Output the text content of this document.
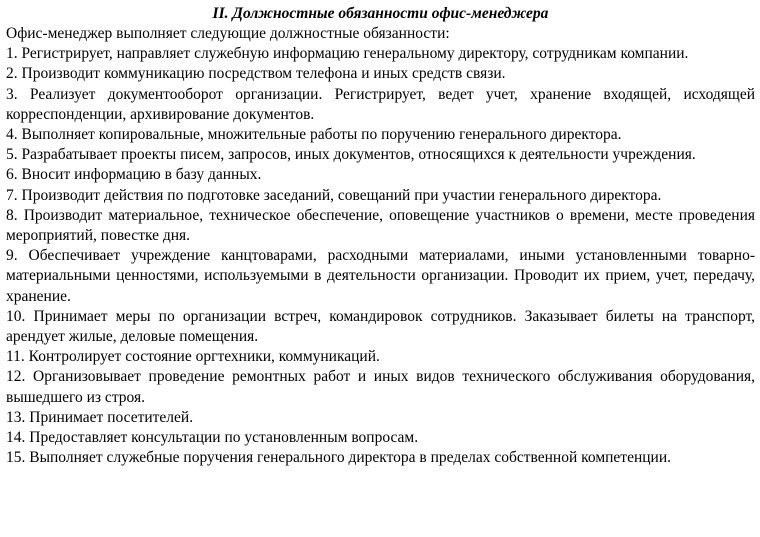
II. Должностные обязанности офис-менеджера

Офис-менеджер выполняет следующие должностные обязанности:

1. Регистрирует, направляет служебную информацию генеральному директору, сотрудникам компании.

2. Производит коммуникацию посредством телефона и иных средств связи.

3. Реализует документооборот организации. Регистрирует, ведет учет, хранение входящей, исходящей корреспонденции, архивирование документов.

4. Выполняет копировальные, множительные работы по поручению генерального директора.

5. Разрабатывает проекты писем, запросов, иных документов, относящихся к деятельности учреждения.

6. Вносит информацию в базу данных.

7. Производит действия по подготовке заседаний, совещаний при участии генерального директора.

8. Производит материальное, техническое обеспечение, оповещение участников о времени, месте проведения мероприятий, повестке дня.

9. Обеспечивает учреждение канцтоварами, расходными материалами, иными установленными товарно-материальными ценностями, используемыми в деятельности организации. Проводит их прием, учет, передачу, хранение.

10. Принимает меры по организации встреч, командировок сотрудников. Заказывает билеты на транспорт, арендует жилые, деловые помещения.

11. Контролирует состояние оргтехники, коммуникаций.

12. Организовывает проведение ремонтных работ и иных видов технического обслуживания оборудования, вышедшего из строя.

13. Принимает посетителей.

14. Предоставляет консультации по установленным вопросам.

15. Выполняет служебные поручения генерального директора в пределах собственной компетенции.
